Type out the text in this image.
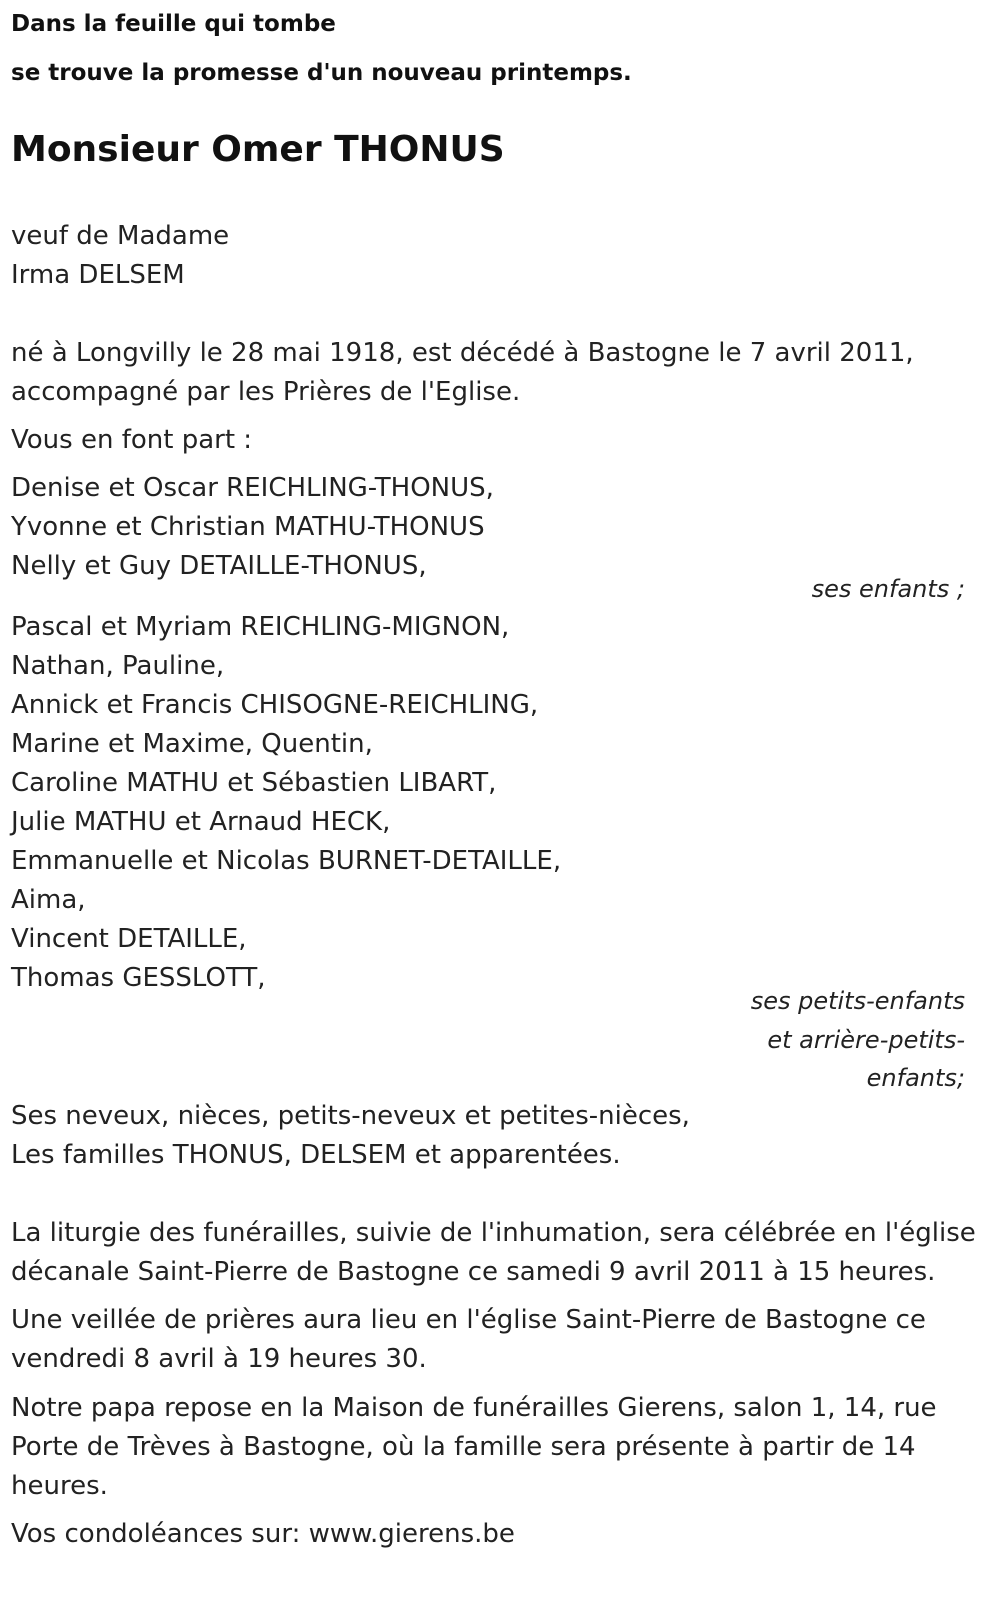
Dans la feuille qui tombe
se trouve la promesse d'un nouveau printemps.
Monsieur Omer THONUS
veuf de Madame
Irma DELSEM
né à Longvilly le 28 mai 1918, est décédé à Bastogne le 7 avril 2011,
accompagné par les Prières de l'Eglise.
Vous en font part :
Denise et Oscar REICHLING-THONUS,
Yvonne et Christian MATHU-THONUS
Nelly et Guy DETAILLE-THONUS,
ses enfants ;
Pascal et Myriam REICHLING-MIGNON,
Nathan, Pauline,
Annick et Francis CHISOGNE-REICHLING,
Marine et Maxime, Quentin,
Caroline MATHU et Sébastien LIBART,
Julie MATHU et Arnaud HECK,
Emmanuelle et Nicolas BURNET-DETAILLE,
Aima,
Vincent DETAILLE,
Thomas GESSLOTT,
ses petits-enfants
et arrière-petits-
enfants;
Ses neveux, nièces, petits-neveux et petites-nièces,
Les familles THONUS, DELSEM et apparentées.
La liturgie des funérailles, suivie de l'inhumation, sera célébrée en l'église
décanale Saint-Pierre de Bastogne ce samedi 9 avril 2011 à 15 heures.
Une veillée de prières aura lieu en l'église Saint-Pierre de Bastogne ce
vendredi 8 avril à 19 heures 30.
Notre papa repose en la Maison de funérailles Gierens, salon 1, 14, rue
Porte de Trèves à Bastogne, où la famille sera présente à partir de 14
heures.
Vos condoléances sur: www.gierens.be
